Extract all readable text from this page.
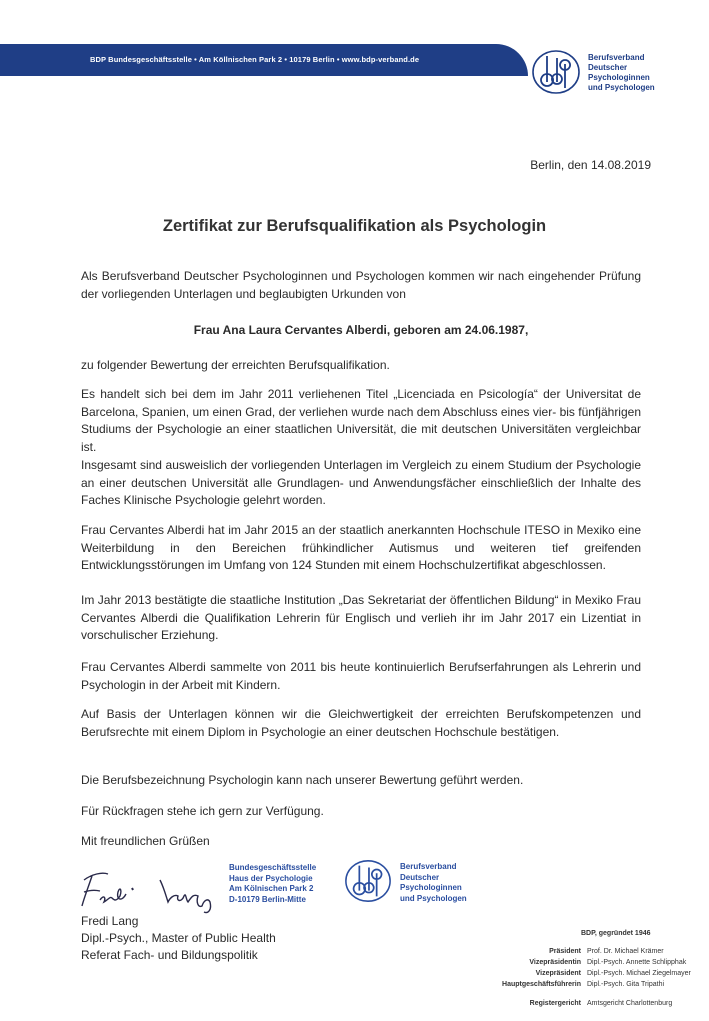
BDP Bundesgeschäftsstelle • Am Köllnischen Park 2 • 10179 Berlin • www.bdp-verband.de	Berufsverband
Deutscher
Psychologinnen
und Psychologen
Berlin, den 14.08.2019
Zertifikat zur Berufsqualifikation als Psychologin
Als Berufsverband Deutscher Psychologinnen und Psychologen kommen wir nach eingehender Prüfung der vorliegenden Unterlagen und beglaubigten Urkunden von
Frau Ana Laura Cervantes Alberdi, geboren am 24.06.1987,
zu folgender Bewertung der erreichten Berufsqualifikation.
Es handelt sich bei dem im Jahr 2011 verliehenen Titel „Licenciada en Psicología“ der Universitat de Barcelona, Spanien, um einen Grad, der verliehen wurde nach dem Abschluss eines vier- bis fünfjährigen Studiums der Psychologie an einer staatlichen Universität, die mit deutschen Universitäten vergleichbar ist.
Insgesamt sind ausweislich der vorliegenden Unterlagen im Vergleich zu einem Studium der Psychologie an einer deutschen Universität alle Grundlagen- und Anwendungsfächer einschließlich der Inhalte des Faches Klinische Psychologie gelehrt worden.
Frau Cervantes Alberdi hat im Jahr 2015 an der staatlich anerkannten Hochschule ITESO in Mexiko eine Weiterbildung in den Bereichen frühkindlicher Autismus und weiteren tief greifenden Entwicklungsstörungen im Umfang von 124 Stunden mit einem Hochschulzertifikat abgeschlossen.
Im Jahr 2013 bestätigte die staatliche Institution „Das Sekretariat der öffentlichen Bildung“ in Mexiko Frau Cervantes Alberdi die Qualifikation Lehrerin für Englisch und verlieh ihr im Jahr 2017 ein Lizentiat in vorschulischer Erziehung.
Frau Cervantes Alberdi sammelte von 2011 bis heute kontinuierlich Berufserfahrungen als Lehrerin und Psychologin in der Arbeit mit Kindern.
Auf Basis der Unterlagen können wir die Gleichwertigkeit der erreichten Berufskompetenzen und Berufsrechte mit einem Diplom in Psychologie an einer deutschen Hochschule bestätigen.
Die Berufsbezeichnung Psychologin kann nach unserer Bewertung geführt werden.
Für Rückfragen stehe ich gern zur Verfügung.
Mit freundlichen Grüßen
Bundesgeschäftsstelle
Haus der Psychologie
Am Kölnischen Park 2
D-10179 Berlin-Mitte
Berufsverband
Deutscher
Psychologinnen
und Psychologen
Fredi Lang
Dipl.-Psych., Master of Public Health
Referat Fach- und Bildungspolitik
BDP, gegründet 1946
Präsident Prof. Dr. Michael Krämer
Vizepräsidentin Dipl.-Psych. Annette Schlipphak
Vizepräsident Dipl.-Psych. Michael Ziegelmayer
Hauptgeschäftsführerin Dipl.-Psych. Gita Tripathi
Registergericht Amtsgericht Charlottenburg
